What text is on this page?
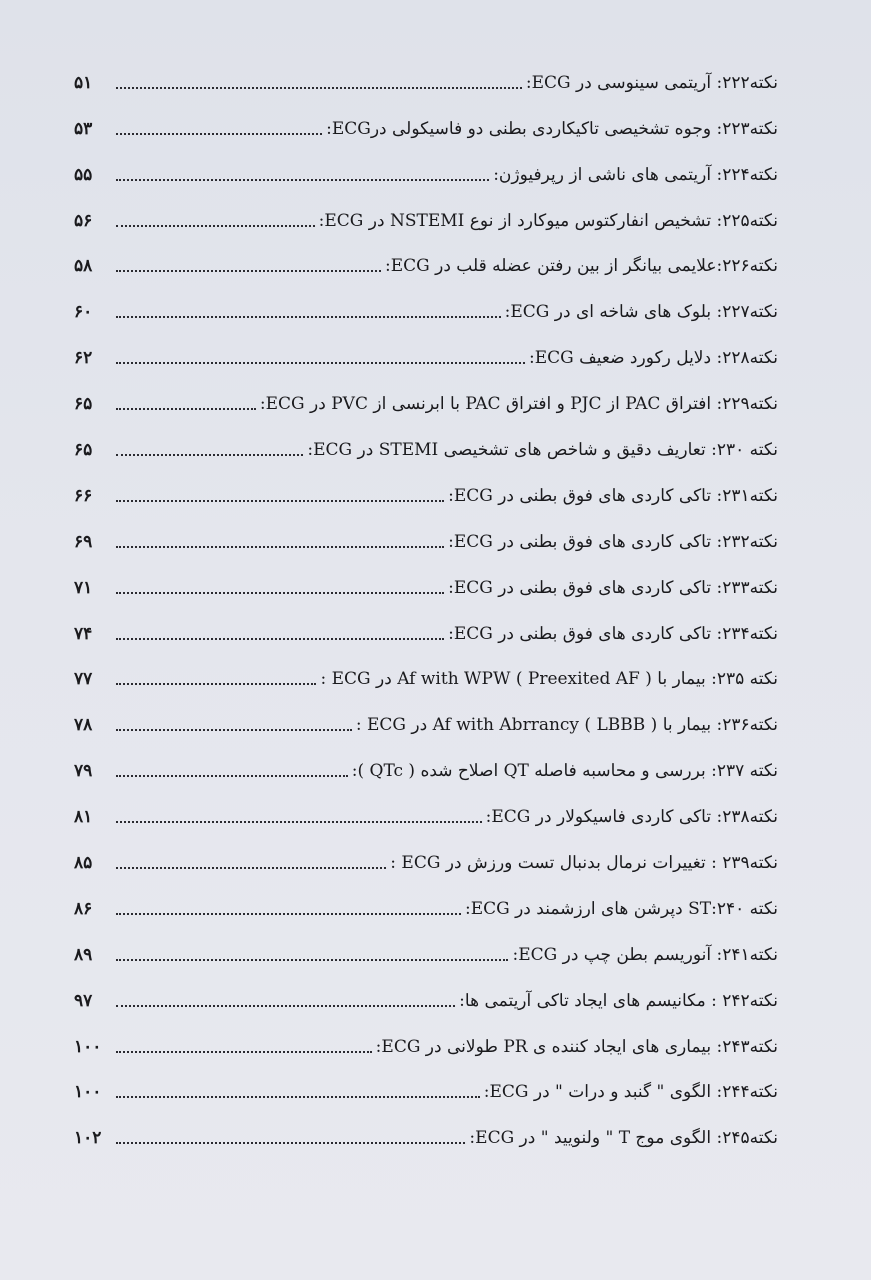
نکته۲۲۲: آریتمی سینوسی در ECG:
۵۱
نکته۲۲۳: وجوه تشخیصی تاکیکاردی بطنی دو فاسیکولی درECG:
۵۳
نکته۲۲۴: آریتمی های ناشی از رپرفیوژن:
۵۵
نکته۲۲۵: تشخیص انفارکتوس میوکارد از نوع NSTEMI در ECG:
۵۶
نکته۲۲۶:علایمی بیانگر از بین رفتن عضله قلب در ECG:
۵۸
نکته۲۲۷: بلوک های شاخه ای در ECG:
۶۰
نکته۲۲۸: دلایل رکورد ضعیف ECG:
۶۲
نکته۲۲۹: افتراق PAC از PJC و افتراق PAC با ابرنسی از PVC در ECG:
۶۵
نکته ۲۳۰: تعاریف دقیق و شاخص های تشخیصی STEMI در ECG:
۶۵
نکته۲۳۱: تاکی کاردی های فوق بطنی در ECG:
۶۶
نکته۲۳۲: تاکی کاردی های فوق بطنی در ECG:
۶۹
نکته۲۳۳: تاکی کاردی های فوق بطنی در ECG:
۷۱
نکته۲۳۴: تاکی کاردی های فوق بطنی در ECG:
۷۴
نکته ۲۳۵: بیمار با ( Af with WPW ( Preexited AF در ECG :
۷۷
نکته۲۳۶: بیمار با ( Af with Abrrancy ( LBBB در ECG :
۷۸
نکته ۲۳۷: بررسی و محاسبه فاصله QT اصلاح شده ( QTc ):
۷۹
نکته۲۳۸: تاکی کاردی فاسیکولار در ECG:
۸۱
نکته۲۳۹ : تغییرات نرمال بدنبال تست ورزش در ECG :
۸۵
نکته ۲۴۰:ST دپرشن های ارزشمند در ECG:
۸۶
نکته۲۴۱: آنوریسم بطن چپ در ECG:
۸۹
نکته۲۴۲ : مکانیسم های ایجاد تاکی آریتمی ها:
۹۷
نکته۲۴۳: بیماری های ایجاد کننده ی PR طولانی در ECG:
۱۰۰
نکته۲۴۴: الگوی " گنبد و درات " در ECG:
۱۰۰
نکته۲۴۵: الگوی موج T " ولنویید " در ECG:
۱۰۲
